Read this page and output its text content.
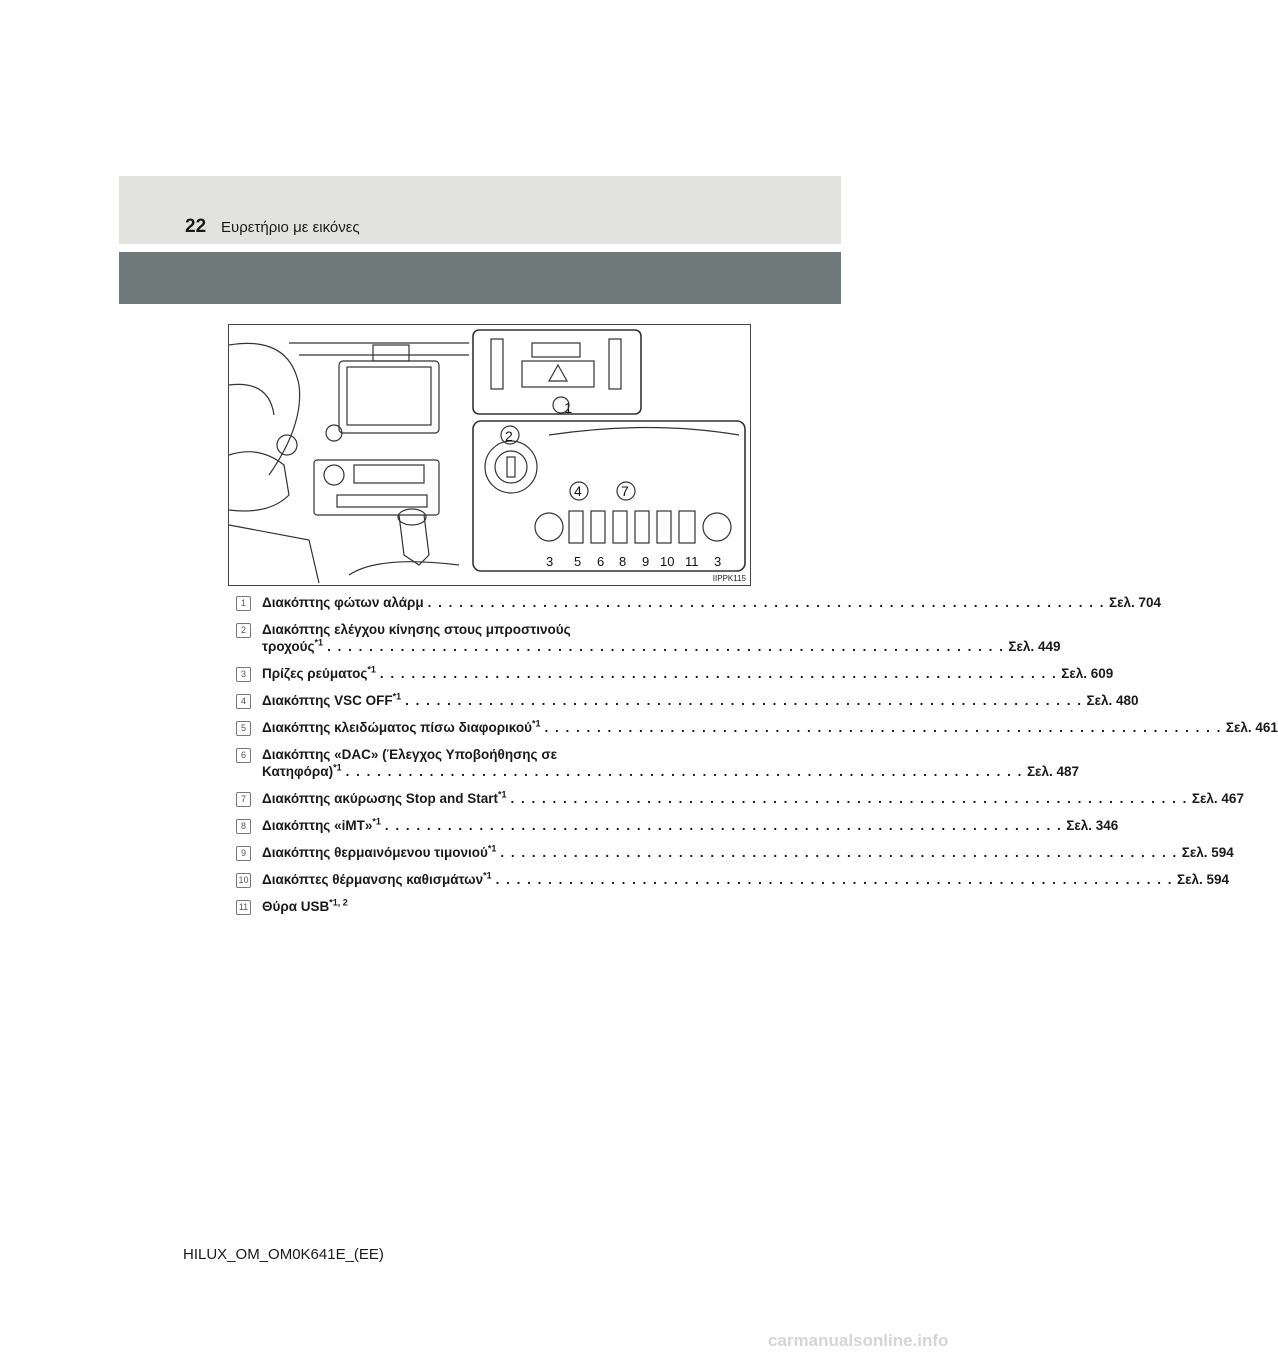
22 Ευρετήριο με εικόνες
1
2
4	7
3 5 6 8 9 10 11 3
IIPPK115
1	Διακόπτης φώτων αλάρμ . . .	Σελ. 704
2	Διακόπτης ελέγχου κίνησης στους μπροστινούς
τροχούς$^{*1}$ . . .	Σελ. 449
3	Πρίζες ρεύματος$^{*1}$ . . .	Σελ. 609
4	Διακόπτης VSC OFF$^{*1}$ . . .	Σελ. 480
5	Διακόπτης κλειδώματος πίσω διαφορικού$^{*1}$ . . .	Σελ. 461
6	Διακόπτης «DAC» (Έλεγχος Υποβοήθησης σε
Κατηφόρα)$^{*1}$ . . .	Σελ. 487
7	Διακόπτης ακύρωσης Stop and Start$^{*1}$ . . .	Σελ. 467
8	Διακόπτης «iMT»$^{*1}$ . . .	Σελ. 346
9	Διακόπτης θερμαινόμενου τιμονιού$^{*1}$ . . .	Σελ. 594
10 Διακόπτες θέρμανσης καθισμάτων$^{*1}$ . . .	Σελ. 594
11 Θύρα USB$^{*1, 2}$
HILUX_OM_OM0K641E_(EE)
carmanualsonline.info
